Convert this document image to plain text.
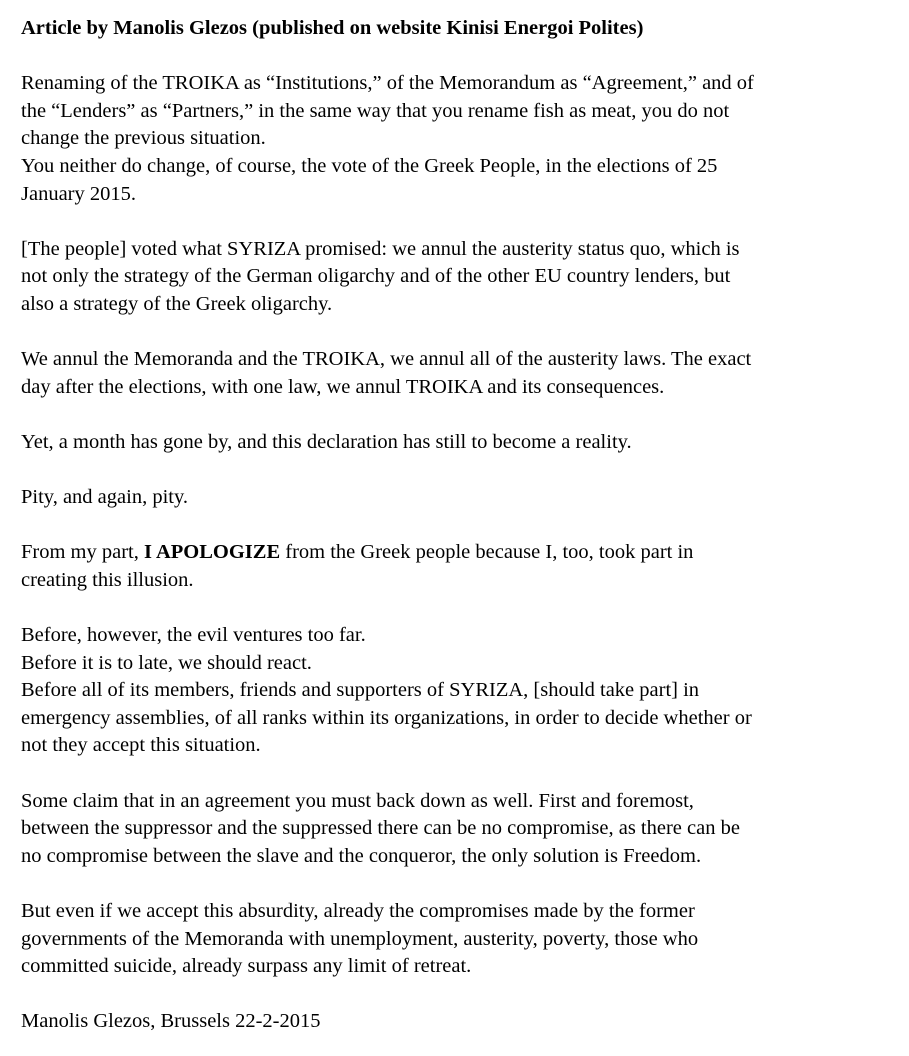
Article by Manolis Glezos (published on website Kinisi Energoi Polites)
Renaming of the TROIKA as “Institutions,” of the Memorandum as “Agreement,” and of
the “Lenders” as “Partners,” in the same way that you rename fish as meat, you do not
change the previous situation.
You neither do change, of course, the vote of the Greek People, in the elections of 25
January 2015.
[The people] voted what SYRIZA promised: we annul the austerity status quo, which is
not only the strategy of the German oligarchy and of the other EU country lenders, but
also a strategy of the Greek oligarchy.
We annul the Memoranda and the TROIKA, we annul all of the austerity laws. The exact
day after the elections, with one law, we annul TROIKA and its consequences.
Yet, a month has gone by, and this declaration has still to become a reality.
Pity, and again, pity.
From my part, I APOLOGIZE from the Greek people because I, too, took part in
creating this illusion.
Before, however, the evil ventures too far.
Before it is to late, we should react.
Before all of its members, friends and supporters of SYRIZA, [should take part] in
emergency assemblies, of all ranks within its organizations, in order to decide whether or
not they accept this situation.
Some claim that in an agreement you must back down as well. First and foremost,
between the suppressor and the suppressed there can be no compromise, as there can be
no compromise between the slave and the conqueror, the only solution is Freedom.
But even if we accept this absurdity, already the compromises made by the former
governments of the Memoranda with unemployment, austerity, poverty, those who
committed suicide, already surpass any limit of retreat.
Manolis Glezos, Brussels 22-2-2015
